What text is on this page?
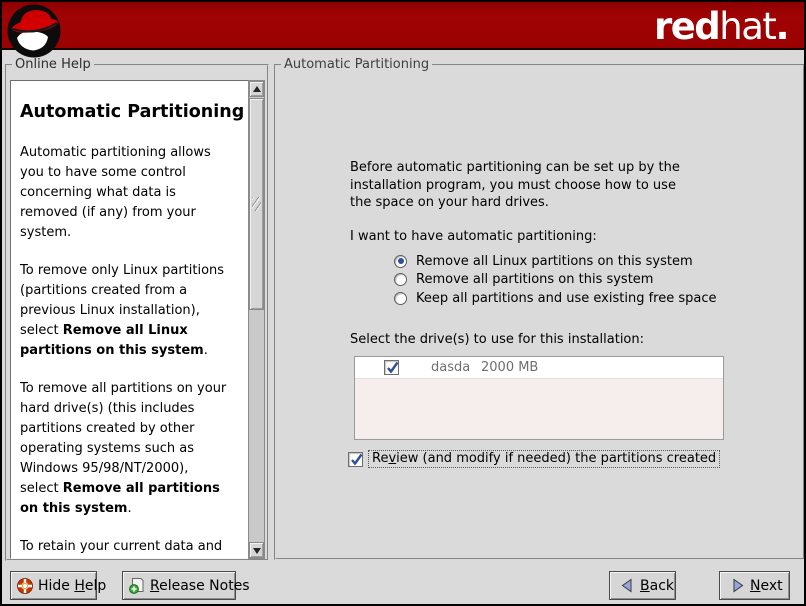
redhat.
Online Help
Automatic Partitioning

Automatic partitioning allows
you to have some control
concerning what data is
removed (if any) from your
system.

To remove only Linux partitions
(partitions created from a
previous Linux installation),
select Remove all Linux
partitions on this system.

To remove all partitions on your
hard drive(s) (this includes
partitions created by other
operating systems such as
Windows 95/98/NT/2000),
select Remove all partitions
on this system.

To retain your current data and

Automatic Partitioning
Before automatic partitioning can be set up by the
installation program, you must choose how to use
the space on your hard drives.
I want to have automatic partitioning:
Remove all Linux partitions on this system
Remove all partitions on this system
Keep all partitions and use existing free space
Select the drive(s) to use for this installation:
dasda 2000 MB
Review (and modify if needed) the partitions created
Hide Help	Release Notes	Back	Next
